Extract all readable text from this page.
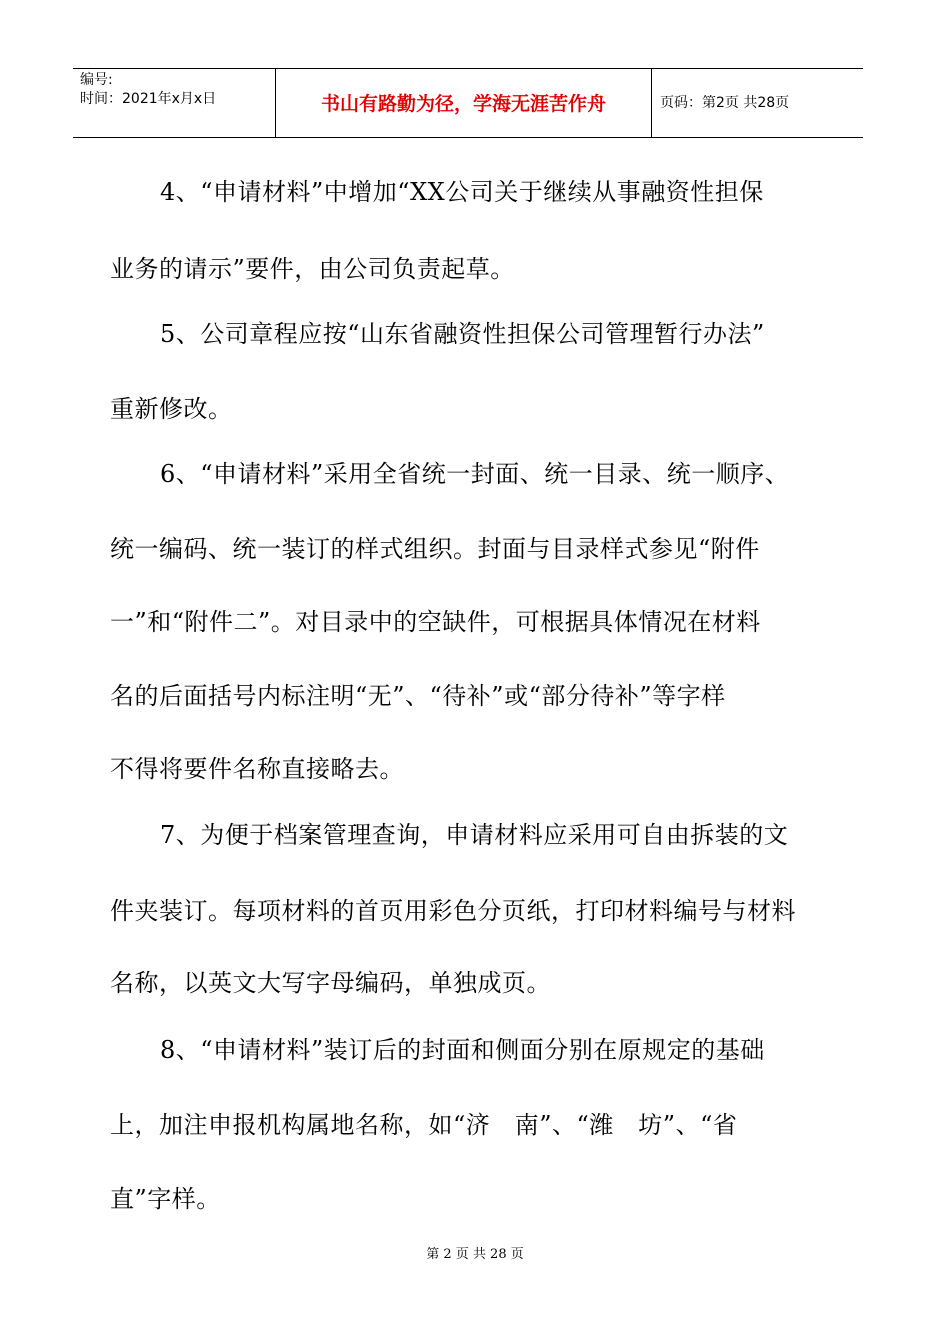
编号:
时间：2021年x月x日	书山有路勤为径，学海无涯苦作舟	页码：第2页 共28页
4、“申请材料”中增加“XX公司关于继续从事融资性担保
业务的请示”要件，由公司负责起草。
5、公司章程应按“山东省融资性担保公司管理暂行办法”
重新修改。
6、“申请材料”采用全省统一封面、统一目录、统一顺序、
统一编码、统一装订的样式组织。封面与目录样式参见“附件
一”和“附件二”。对目录中的空缺件，可根据具体情况在材料
名的后面括号内标注明“无”、“待补”或“部分待补”等字样
不得将要件名称直接略去。
7、为便于档案管理查询，申请材料应采用可自由拆装的文
件夹装订。每项材料的首页用彩色分页纸，打印材料编号与材料
名称，以英文大写字母编码，单独成页。
8、“申请材料”装订后的封面和侧面分别在原规定的基础
上，加注申报机构属地名称，如“济　南”、“潍　坊”、“省
直”字样。
第 2 页 共 28 页
